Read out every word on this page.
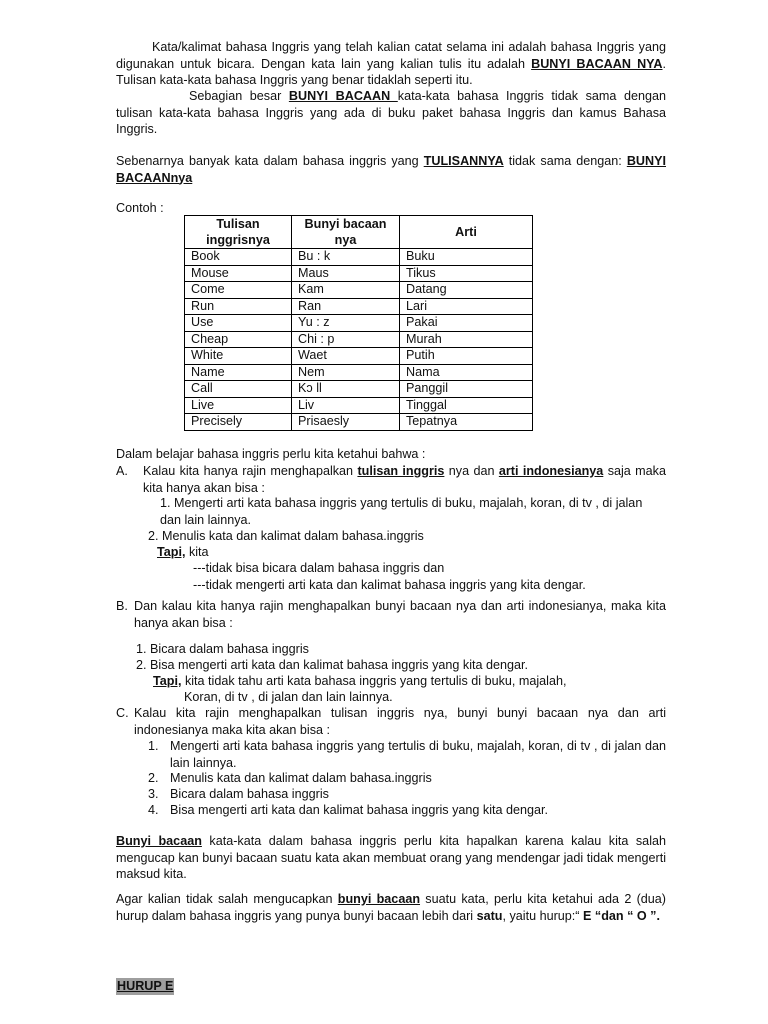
Kata/kalimat bahasa Inggris yang telah kalian catat selama ini adalah bahasa Inggris yang digunakan untuk bicara. Dengan kata lain yang kalian tulis itu adalah BUNYI BACAAN NYA. Tulisan kata-kata bahasa Inggris yang benar tidaklah seperti itu.

Sebagian besar BUNYI BACAAN kata-kata bahasa Inggris tidak sama dengan tulisan kata-kata bahasa Inggris yang ada di buku paket bahasa Inggris dan kamus Bahasa Inggris.

Sebenarnya banyak kata dalam bahasa inggris yang TULISANNYA tidak sama dengan: BUNYI BACAANnya

Contoh :

Tulisan inggrisnya	Bunyi bacaan nya	Arti
Book	Bu : k	Buku
Mouse	Maus	Tikus
Come	Kam	Datang
Run	Ran	Lari
Use	Yu : z	Pakai
Cheap	Chi : p	Murah
White	Waet	Putih
Name	Nem	Nama
Call	Kɔ ll	Panggil
Live	Liv	Tinggal
Precisely	Prisaesly	Tepatnya

Dalam belajar bahasa inggris perlu kita ketahui bahwa :

A.	Kalau kita hanya rajin menghapalkan tulisan inggris nya dan arti indonesianya saja maka kita hanya akan bisa :

1. Mengerti arti kata bahasa inggris yang tertulis di buku, majalah, koran, di tv , di jalan dan lain lainnya.

2. Menulis kata dan kalimat dalam bahasa.inggris

Tapi, kita

---tidak bisa bicara dalam bahasa inggris dan

---tidak mengerti arti kata dan kalimat bahasa inggris yang kita dengar.

B. Dan kalau kita hanya rajin menghapalkan bunyi bacaan nya dan arti indonesianya, maka kita hanya akan bisa :

1. Bicara dalam bahasa inggris

2. Bisa mengerti arti kata dan kalimat bahasa inggris yang kita dengar.

Tapi, kita tidak tahu arti kata bahasa inggris yang tertulis di buku, majalah,

Koran, di tv , di jalan dan lain lainnya.

C. Kalau kita rajin menghapalkan tulisan inggris nya, bunyi bunyi bacaan nya dan arti indonesianya maka kita akan bisa :

1. Mengerti arti kata bahasa inggris yang tertulis di buku, majalah, koran, di tv , di jalan dan lain lainnya.

2. Menulis kata dan kalimat dalam bahasa.inggris

3. Bicara dalam bahasa inggris

4. Bisa mengerti arti kata dan kalimat bahasa inggris yang kita dengar.

Bunyi bacaan kata-kata dalam bahasa inggris perlu kita hapalkan karena kalau kita salah mengucap kan bunyi bacaan suatu kata akan membuat orang yang mendengar jadi tidak mengerti maksud kita.

Agar kalian tidak salah mengucapkan bunyi bacaan suatu kata, perlu kita ketahui ada 2 (dua) hurup dalam bahasa inggris yang punya bunyi bacaan lebih dari satu, yaitu hurup:“ E “dan “ O ”.

HURUP E
